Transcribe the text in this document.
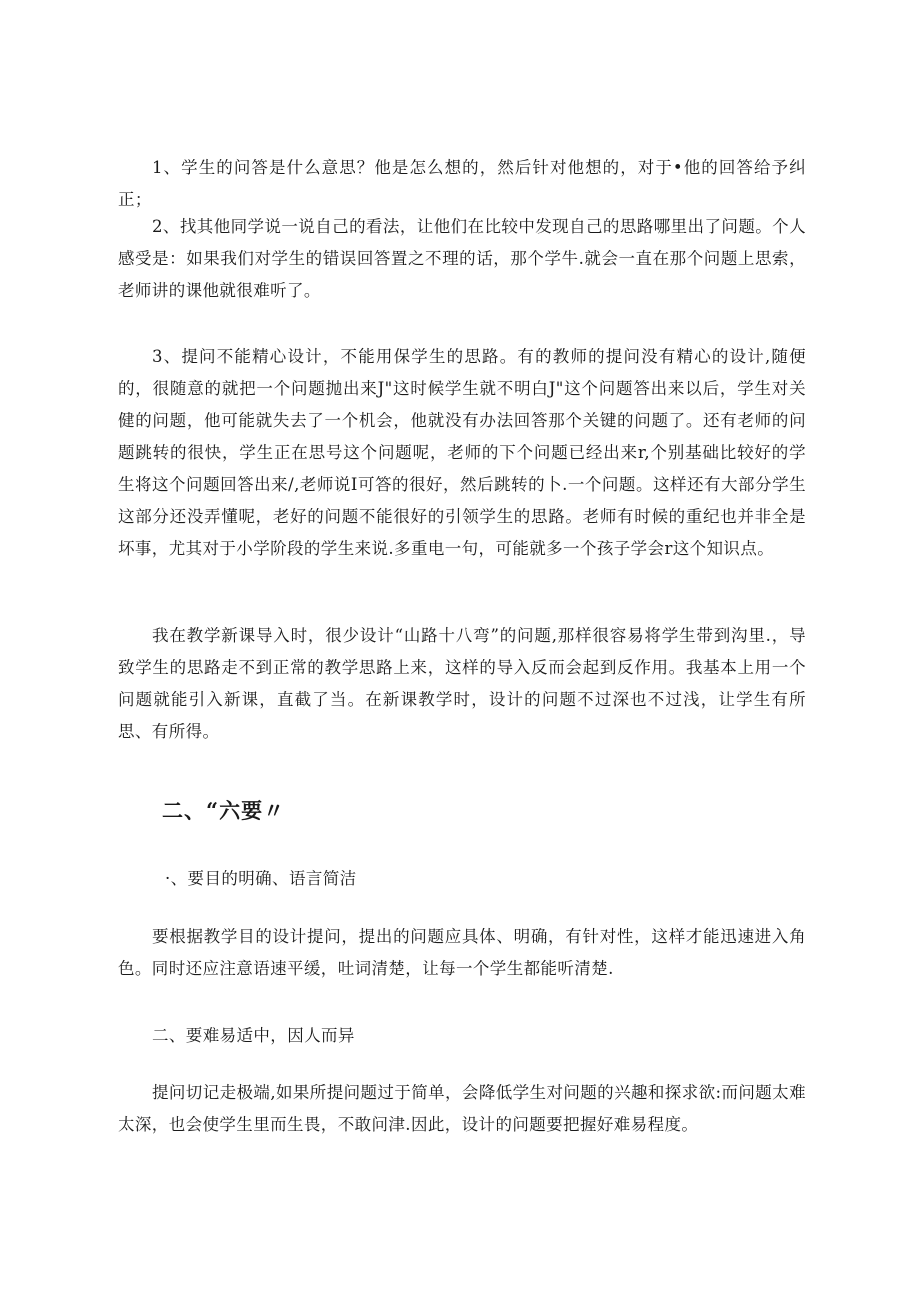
1、学生的问答是什么意思？他是怎么想的，然后针对他想的，对于•他的回答给予纠正；

2、找其他同学说一说自己的看法，让他们在比较中发现自己的思路哪里出了问题。个人感受是：如果我们对学生的错误回答置之不理的话，那个学牛.就会一直在那个问题上思索，老师讲的课他就很难听了。

3、提问不能精心设计，不能用保学生的思路。有的教师的提问没有精心的设计,随便的，很随意的就把一个问题抛出来J"这时候学生就不明白J"这个问题答出来以后，学生对关健的问题，他可能就失去了一个机会，他就没有办法回答那个关键的问题了。还有老师的问题跳转的很快，学生正在思号这个问题呢，老师的下个问题已经出来r,个别基础比较好的学生将这个问题回答出来/,老师说I可答的很好，然后跳转的卜.一个问题。这样还有大部分学生这部分还没弄懂呢，老好的问题不能很好的引领学生的思路。老师有时候的重纪也并非全是坏事，尤其对于小学阶段的学生来说.多重电一句，可能就多一个孩子学会r这个知识点。

我在教学新课导入时，很少设计“山路十八弯”的问题,那样很容易将学生带到沟里.，导致学生的思路走不到正常的教学思路上来，这样的导入反而会起到反作用。我基本上用一个问题就能引入新课，直截了当。在新课教学时，设计的问题不过深也不过浅，让学生有所思、有所得。

二、“六要〃

·、要目的明确、语言简洁

要根据教学目的设计提问，提出的问题应具体、明确，有针对性，这样才能迅速进入角色。同时还应注意语速平缓，吐词清楚，让每一个学生都能听清楚.

二、要难易适中，因人而异

提问切记走极端,如果所提问题过于简单，会降低学生对问题的兴趣和探求欲:而问题太难太深，也会使学生里而生畏，不敢问津.因此，设计的问题要把握好难易程度。
